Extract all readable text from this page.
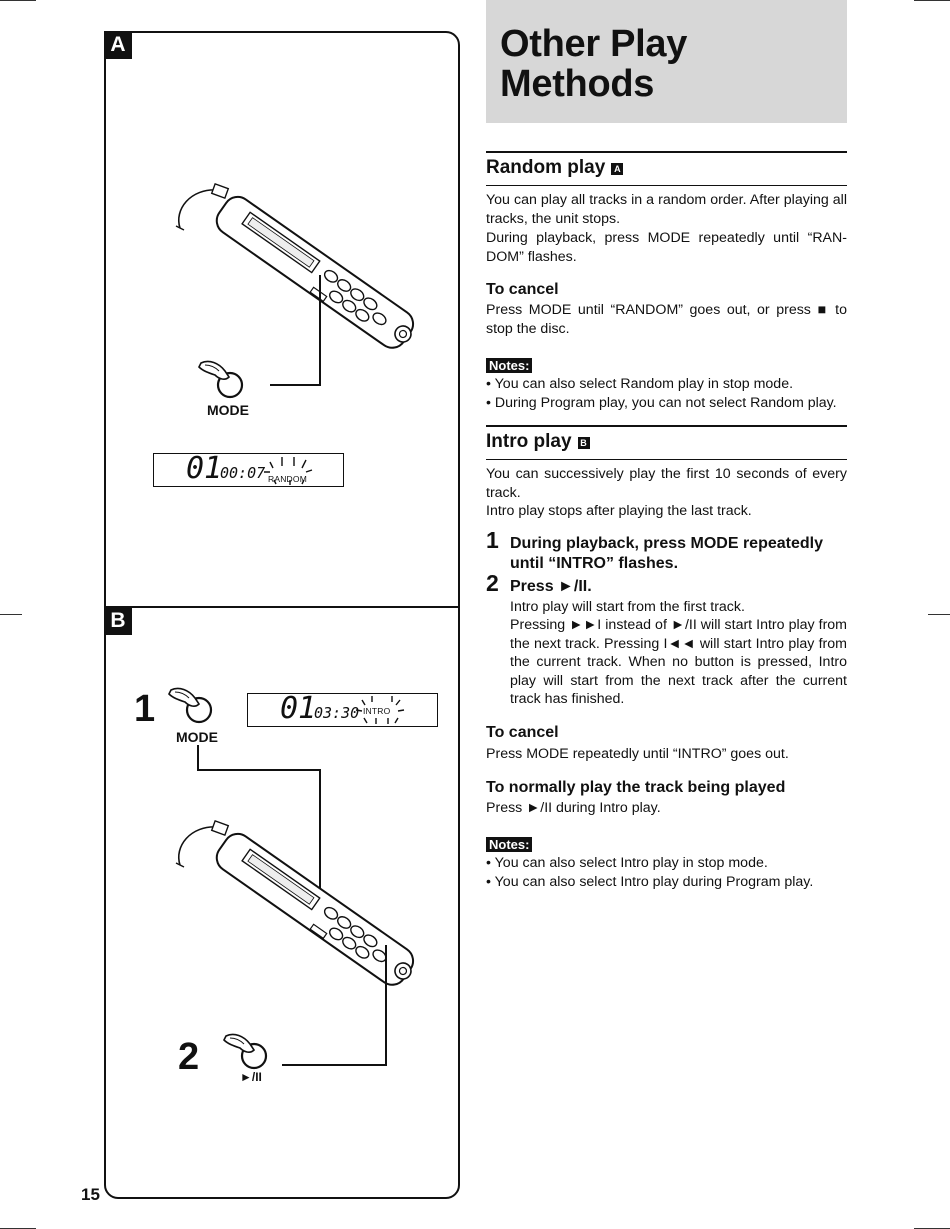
A
B
MODE
01
00:07 RANDOM
1
MODE
01
03:30 INTRO
2	►/II
15
Other Play
Methods
Random play A

You can play all tracks in a random order. After playing all tracks, the unit stops.

During playback, press MODE repeatedly until “RAN-DOM” flashes.

To cancel

Press MODE until “RANDOM” goes out, or press ■ to stop the disc.

Notes:

• You can also select Random play in stop mode.

• During Program play, you can not select Random play.

Intro play B

You can successively play the first 10 seconds of every track.

Intro play stops after playing the last track.

1 During playback, press MODE repeatedly until “INTRO” flashes.

2 Press ►/II.

Intro play will start from the first track.

Pressing ►►I instead of ►/II will start Intro play from the next track. Pressing I◄◄ will start Intro play from the current track. When no button is pressed, Intro play will start from the next track after the current track has finished.

To cancel

Press MODE repeatedly until “INTRO” goes out.

To normally play the track being played

Press ►/II during Intro play.

Notes:

• You can also select Intro play in stop mode.

• You can also select Intro play during Program play.
